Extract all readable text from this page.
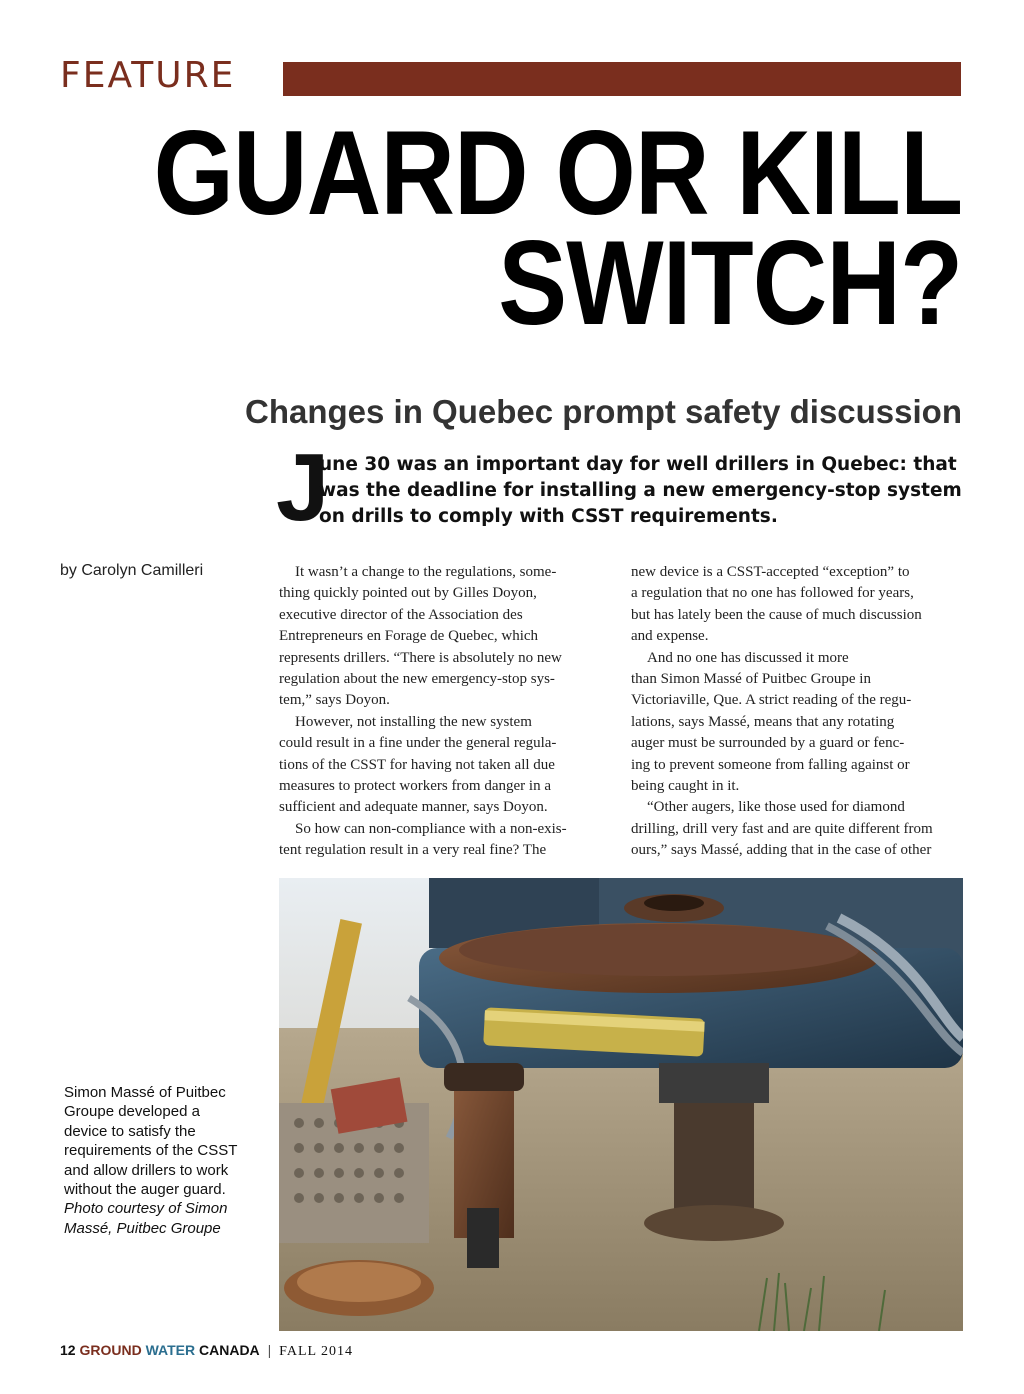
FEATURE
GUARD OR KILL
SWITCH?
Changes in Quebec prompt safety discussion
J

une 30 was an important day for well drillers in Quebec: that
was the deadline for installing a new emergency-stop system
on drills to comply with CSST requirements.

by Carolyn Camilleri	It wasn’t a change to the regulations, some-
thing quickly pointed out by Gilles Doyon,
executive director of the Association des
Entrepreneurs en Forage de Quebec, which
represents drillers. “There is absolutely no new
regulation about the new emergency-stop sys-
tem,” says Doyon.
However, not installing the new system
could result in a fine under the general regula-
tions of the CSST for having not taken all due
measures to protect workers from danger in a
sufficient and adequate manner, says Doyon.
So how can non-compliance with a non-exis-
tent regulation result in a very real fine? The
new device is a CSST-accepted “exception” to
a regulation that no one has followed for years,
but has lately been the cause of much discussion
and expense.
And no one has discussed it more
than Simon Massé of Puitbec Groupe in
Victoriaville, Que. A strict reading of the regu-
lations, says Massé, means that any rotating
auger must be surrounded by a guard or fenc-
ing to prevent someone from falling against or
being caught in it.
“Other augers, like those used for diamond
drilling, drill very fast and are quite different from
ours,” says Massé, adding that in the case of other
Simon Massé of Puitbec
Groupe developed a
device to satisfy the
requirements of the CSST
and allow drillers to work
without the auger guard.
Photo courtesy of Simon
Massé, Puitbec Groupe
12 GROUND WATER CANADA | FALL 2014
